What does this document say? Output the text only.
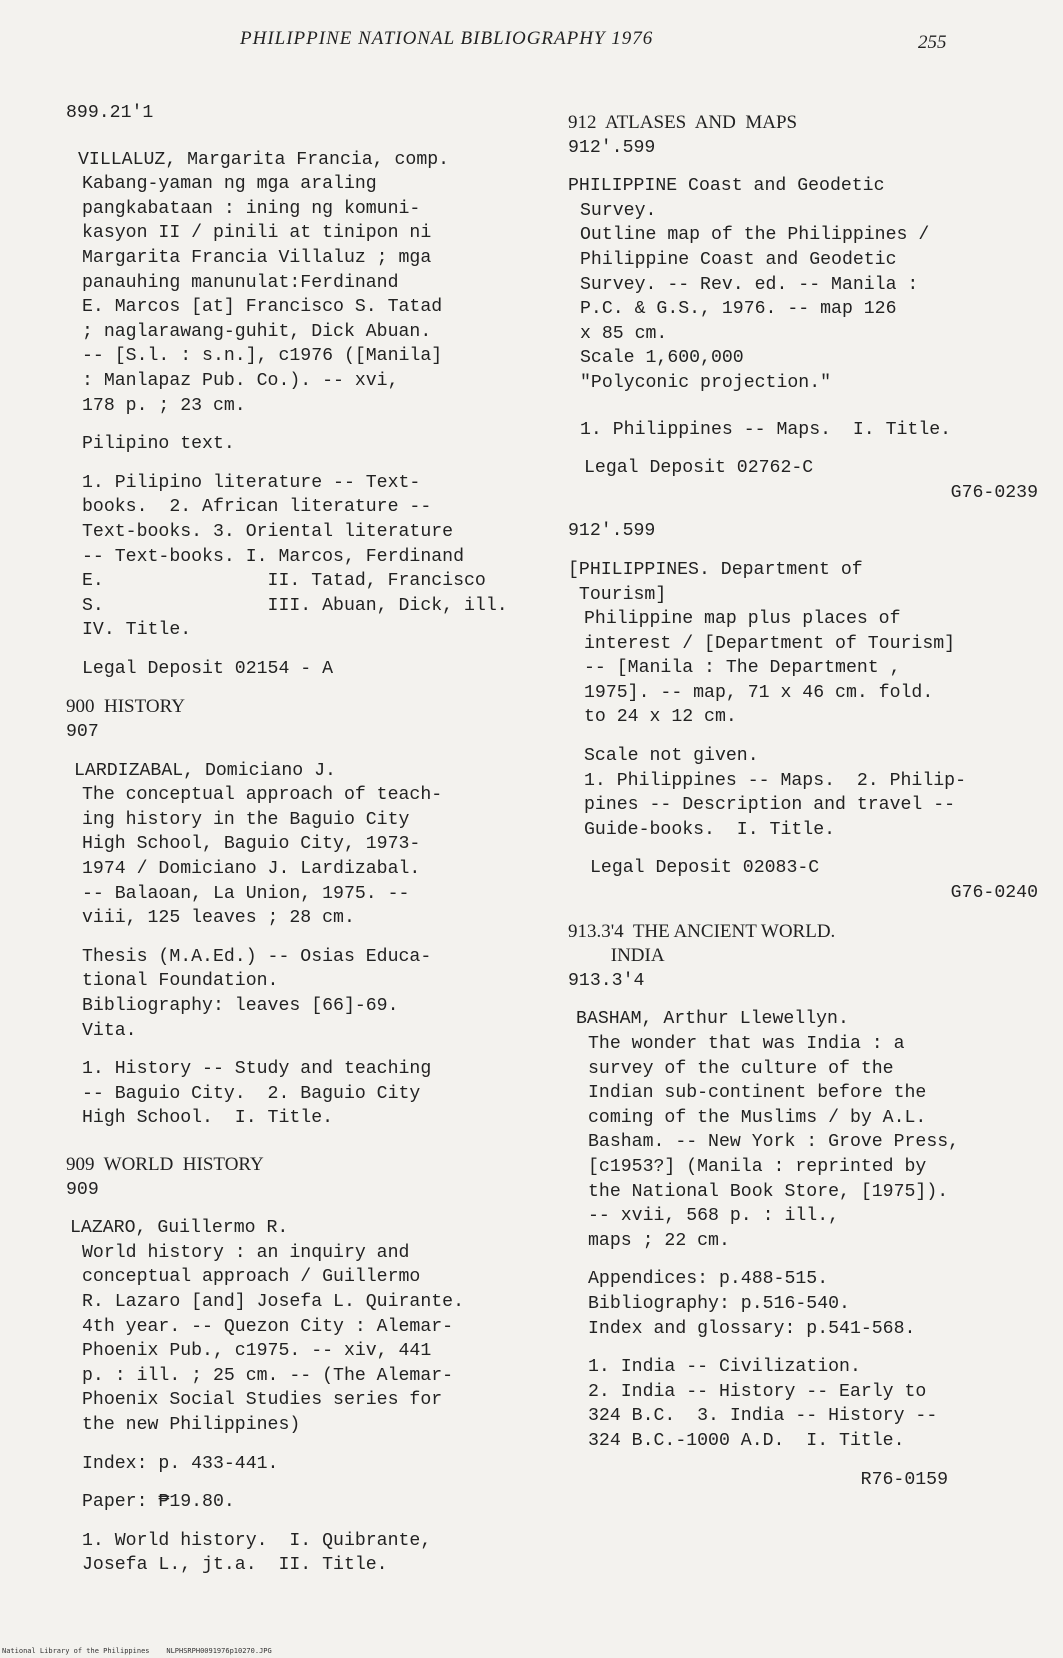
PHILIPPINE NATIONAL BIBLIOGRAPHY 1976	255
899.21'1
VILLALUZ, Margarita Francia, comp.
Kabang-yaman ng mga araling
pangkabataan : ining ng komuni-
kasyon II / pinili at tinipon ni
Margarita Francia Villaluz ; mga
panauhing manunulat:Ferdinand
E. Marcos [at] Francisco S. Tatad
; naglarawang-guhit, Dick Abuan.
-- [S.l. : s.n.], c1976 ([Manila]
: Manlapaz Pub. Co.). -- xvi,
178 p. ; 23 cm.
Pilipino text.
1. Pilipino literature -- Text-
books.  2. African literature --
Text-books. 3. Oriental literature
-- Text-books. I. Marcos, Ferdinand
E.               II. Tatad, Francisco
S.               III. Abuan, Dick, ill.
IV. Title.
Legal Deposit 02154 - A
900  HISTORY
907
LARDIZABAL, Domiciano J.
The conceptual approach of teach-
ing history in the Baguio City
High School, Baguio City, 1973-
1974 / Domiciano J. Lardizabal.
-- Balaoan, La Union, 1975. --
viii, 125 leaves ; 28 cm.
Thesis (M.A.Ed.) -- Osias Educa-
tional Foundation.
Bibliography: leaves [66]-69.
Vita.
1. History -- Study and teaching
-- Baguio City.  2. Baguio City
High School.  I. Title.
909  WORLD  HISTORY
909
LAZARO, Guillermo R.
World history : an inquiry and
conceptual approach / Guillermo
R. Lazaro [and] Josefa L. Quirante.
4th year. -- Quezon City : Alemar-
Phoenix Pub., c1975. -- xiv, 441
p. : ill. ; 25 cm. -- (The Alemar-
Phoenix Social Studies series for
the new Philippines)
Index: p. 433-441.
Paper: ₱19.80.
1. World history.  I. Quibrante,
Josefa L., jt.a.  II. Title.
912  ATLASES  AND  MAPS
912'.599
PHILIPPINE Coast and Geodetic
Survey.
Outline map of the Philippines /
Philippine Coast and Geodetic
Survey. -- Rev. ed. -- Manila :
P.C. & G.S., 1976. -- map 126
x 85 cm.
Scale 1,600,000
"Polyconic projection."
1. Philippines -- Maps.  I. Title.
Legal Deposit 02762-C
G76-0239
912'.599
[PHILIPPINES. Department of
Tourism]
Philippine map plus places of
interest / [Department of Tourism]
-- [Manila : The Department ,
1975]. -- map, 71 x 46 cm. fold.
to 24 x 12 cm.
Scale not given.
1. Philippines -- Maps.  2. Philip-
pines -- Description and travel --
Guide-books.  I. Title.
Legal Deposit 02083-C
G76-0240
913.3'4  THE ANCIENT WORLD.
INDIA
913.3'4
BASHAM, Arthur Llewellyn.
The wonder that was India : a
survey of the culture of the
Indian sub-continent before the
coming of the Muslims / by A.L.
Basham. -- New York : Grove Press,
[c1953?] (Manila : reprinted by
the National Book Store, [1975]).
-- xvii, 568 p. : ill.,
maps ; 22 cm.
Appendices: p.488-515.
Bibliography: p.516-540.
Index and glossary: p.541-568.
1. India -- Civilization.
2. India -- History -- Early to
324 B.C.  3. India -- History --
324 B.C.-1000 A.D.  I. Title.
R76-0159
National Library of the Philippines    NLPHSRPH0091976p10270.JPG
